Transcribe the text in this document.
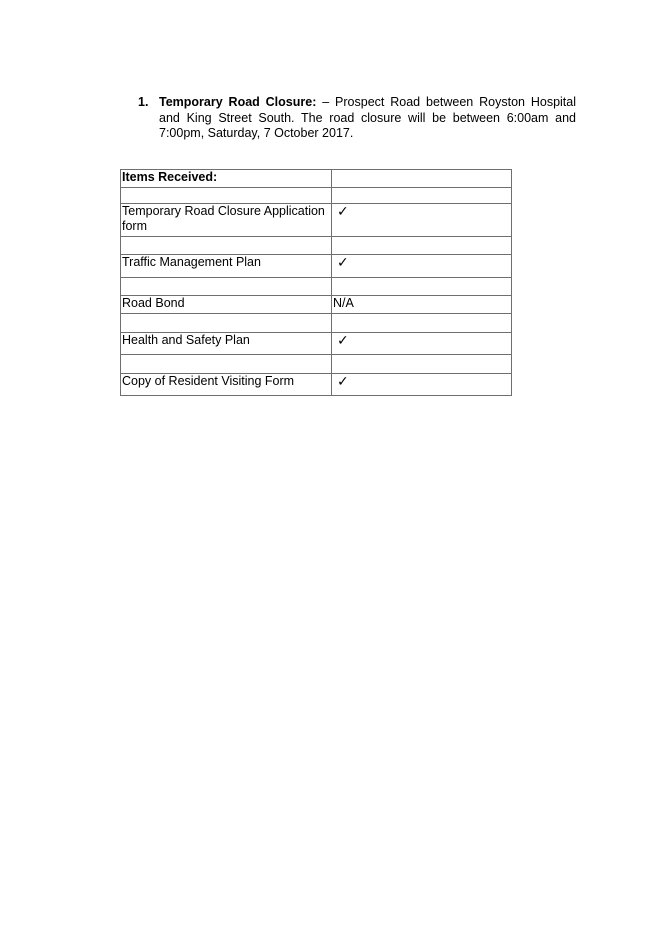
1. Temporary Road Closure: – Prospect Road between Royston Hospital and King Street South. The road closure will be between 6:00am and 7:00pm, Saturday, 7 October 2017.
Items Received:	

Temporary Road Closure Application form	✓

Traffic Management Plan	✓

Road Bond	N/A

Health and Safety Plan	✓

Copy of Resident Visiting Form	✓
